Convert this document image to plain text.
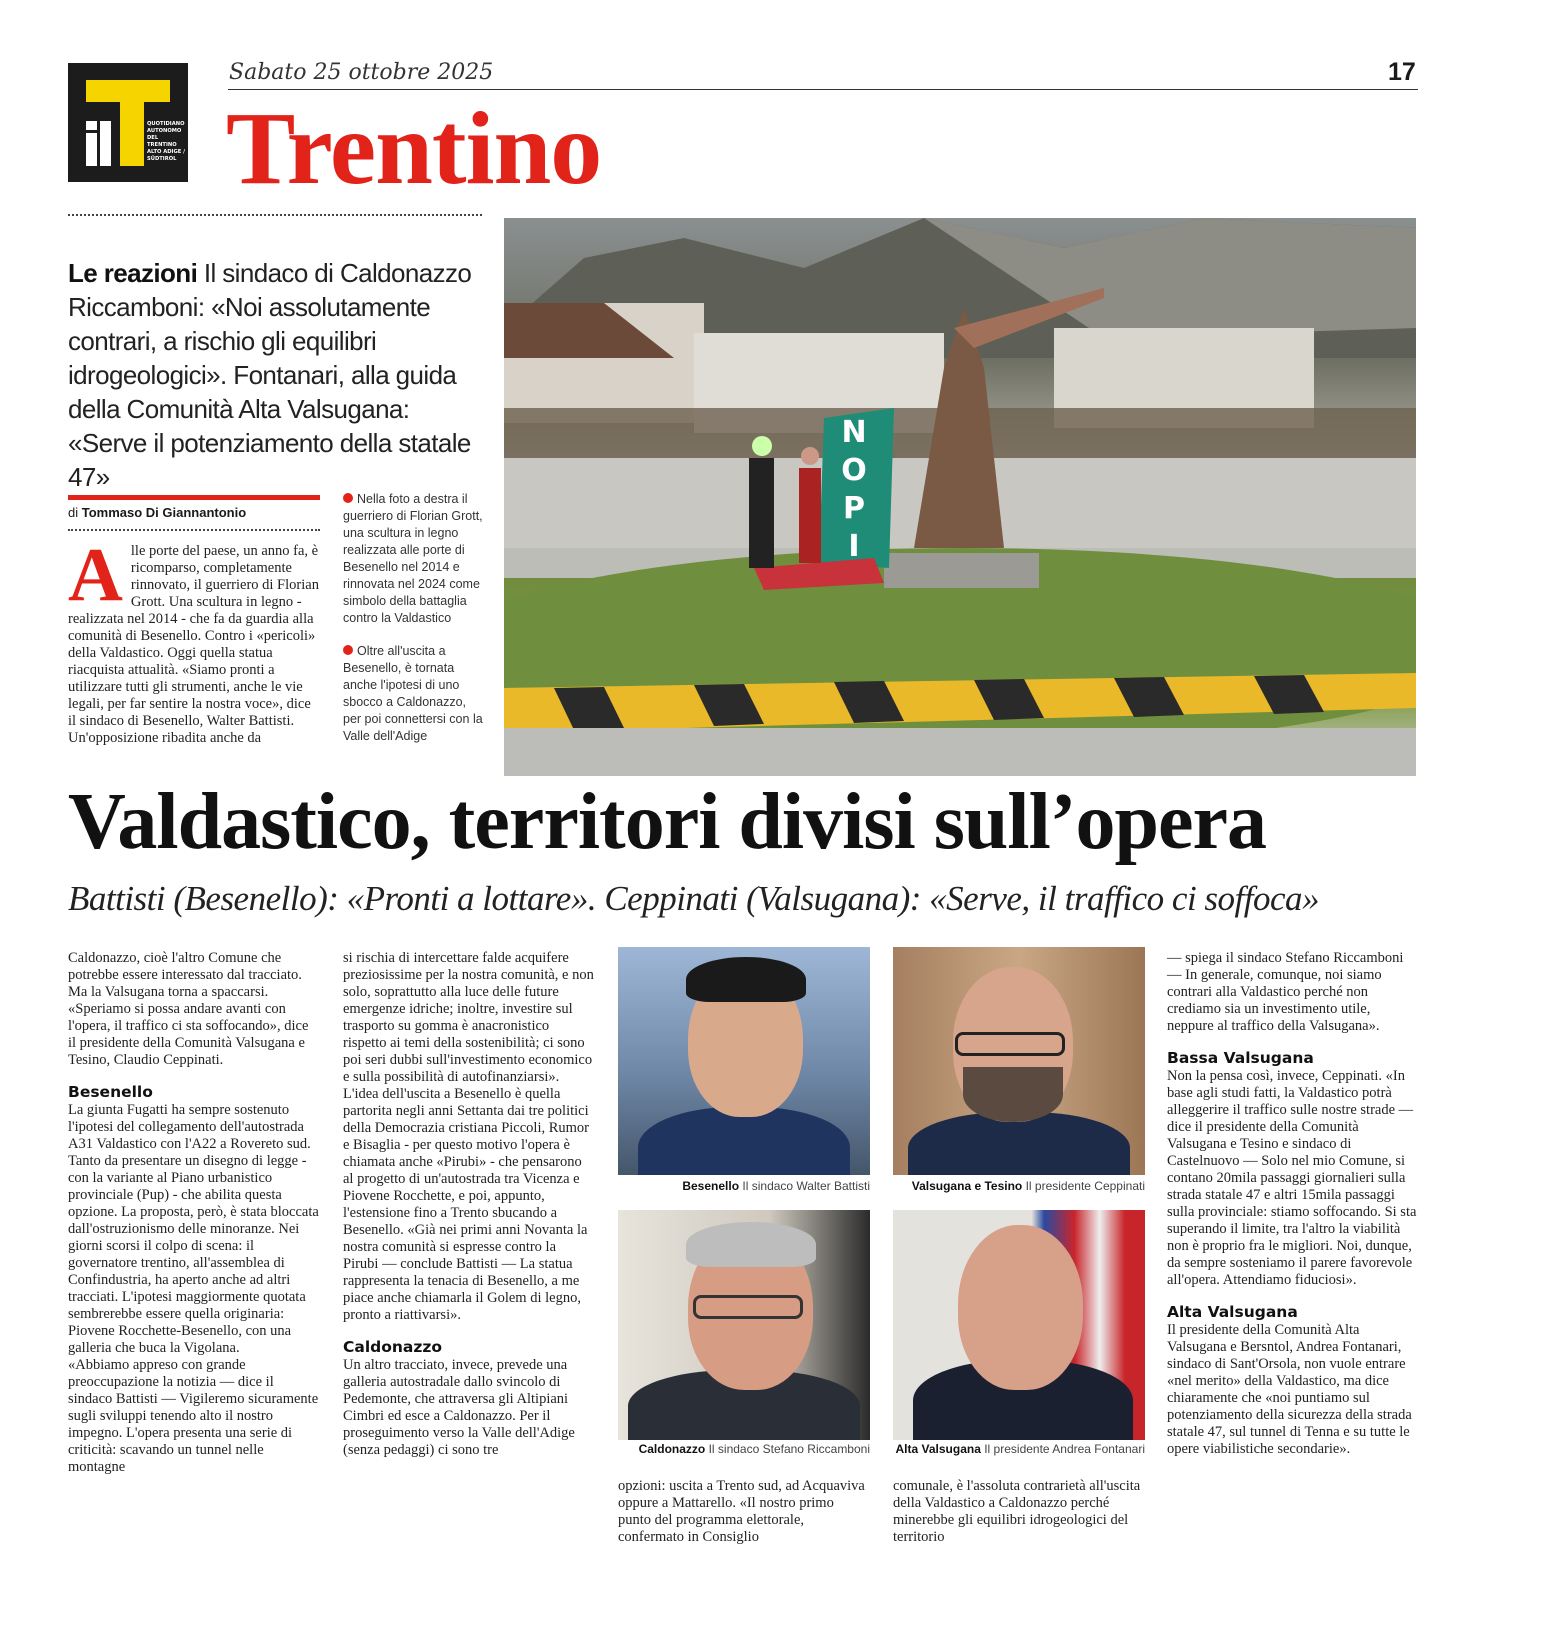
QUOTIDIANO AUTONOMO DEL TRENTINO ALTO ADIGE / SÜDTIROL
Sabato 25 ottobre 2025	17
Trentino
Le reazioni Il sindaco di Caldonazzo Riccamboni: «Noi assolutamente contrari, a rischio gli equilibri idrogeologici». Fontanari, alla guida della Comunità Alta Valsugana: «Serve il potenziamento della statale 47»
di Tommaso Di Giannantonio
A lle porte del paese, un anno fa, è ricomparso, completamente rinnovato, il guerriero di Florian Grott. Una scultura in legno - realizzata nel 2014 - che fa da guardia alla comunità di Besenello. Contro i «pericoli» della Valdastico. Oggi quella statua riacquista attualità. «Siamo pronti a utilizzare tutti gli strumenti, anche le vie legali, per far sentire la nostra voce», dice il sindaco di Besenello, Walter Battisti. Un'opposizione ribadita anche da

Nella foto a destra il guerriero di Florian Grott, una scultura in legno realizzata alle porte di Besenello nel 2014 e rinnovata nel 2024 come simbolo della battaglia contro la Valdastico

Oltre all'uscita a Besenello, è tornata anche l'ipotesi di uno sbocco a Caldonazzo, per poi connettersi con la Valle dell'Adige

NO PI
Valdastico, territori divisi sull’opera
Battisti (Besenello): «Pronti a lottare». Ceppinati (Valsugana): «Serve, il traffico ci soffoca»

Caldonazzo, cioè l'altro Comune che potrebbe essere interessato dal tracciato. Ma la Valsugana torna a spaccarsi. «Speriamo si possa andare avanti con l'opera, il traffico ci sta soffocando», dice il presidente della Comunità Valsugana e Tesino, Claudio Ceppinati.

Besenello

La giunta Fugatti ha sempre sostenuto l'ipotesi del collegamento dell'autostrada A31 Valdastico con l'A22 a Rovereto sud. Tanto da presentare un disegno di legge - con la variante al Piano urbanistico provinciale (Pup) - che abilita questa opzione. La proposta, però, è stata bloccata dall'ostruzionismo delle minoranze. Nei giorni scorsi il colpo di scena: il governatore trentino, all'assemblea di Confindustria, ha aperto anche ad altri tracciati. L'ipotesi maggiormente quotata sembrerebbe essere quella originaria: Piovene Rocchette-Besenello, con una galleria che buca la Vigolana.

«Abbiamo appreso con grande preoccupazione la notizia — dice il sindaco Battisti — Vigileremo sicuramente sugli sviluppi tenendo alto il nostro impegno. L'opera presenta una serie di criticità: scavando un tunnel nelle montagne

si rischia di intercettare falde acquifere preziosissime per la nostra comunità, e non solo, soprattutto alla luce delle future emergenze idriche; inoltre, investire sul trasporto su gomma è anacronistico rispetto ai temi della sostenibilità; ci sono poi seri dubbi sull'investimento economico e sulla possibilità di autofinanziarsi».

L'idea dell'uscita a Besenello è quella partorita negli anni Settanta dai tre politici della Democrazia cristiana Piccoli, Rumor e Bisaglia - per questo motivo l'opera è chiamata anche «Pirubi» - che pensarono al progetto di un'autostrada tra Vicenza e Piovene Rocchette, e poi, appunto, l'estensione fino a Trento sbucando a Besenello. «Già nei primi anni Novanta la nostra comunità si espresse contro la Pirubi — conclude Battisti — La statua rappresenta la tenacia di Besenello, a me piace anche chiamarla il Golem di legno, pronto a riattivarsi».

Caldonazzo

Un altro tracciato, invece, prevede una galleria autostradale dallo svincolo di Pedemonte, che attraversa gli Altipiani Cimbri ed esce a Caldonazzo. Per il proseguimento verso la Valle dell'Adige (senza pedaggi) ci sono tre

Besenello Il sindaco Walter Battisti	Valsugana e Tesino Il presidente Ceppinati
Caldonazzo Il sindaco Stefano Riccamboni Alta Valsugana Il presidente Andrea Fontanari

opzioni: uscita a Trento sud, ad Acquaviva oppure a Mattarello. «Il nostro primo punto del programma elettorale, confermato in Consiglio

comunale, è l'assoluta contrarietà all'uscita della Valdastico a Caldonazzo perché minerebbe gli equilibri idrogeologici del territorio

— spiega il sindaco Stefano Riccamboni — In generale, comunque, noi siamo contrari alla Valdastico perché non crediamo sia un investimento utile, neppure al traffico della Valsugana».

Bassa Valsugana

Non la pensa così, invece, Ceppinati. «In base agli studi fatti, la Valdastico potrà alleggerire il traffico sulle nostre strade — dice il presidente della Comunità Valsugana e Tesino e sindaco di Castelnuovo — Solo nel mio Comune, si contano 20mila passaggi giornalieri sulla strada statale 47 e altri 15mila passaggi sulla provinciale: stiamo soffocando. Si sta superando il limite, tra l'altro la viabilità non è proprio fra le migliori. Noi, dunque, da sempre sosteniamo il parere favorevole all'opera. Attendiamo fiduciosi».

Alta Valsugana

Il presidente della Comunità Alta Valsugana e Bersntol, Andrea Fontanari, sindaco di Sant'Orsola, non vuole entrare «nel merito» della Valdastico, ma dice chiaramente che «noi puntiamo sul potenziamento della sicurezza della strada statale 47, sul tunnel di Tenna e su tutte le opere viabilistiche secondarie».
